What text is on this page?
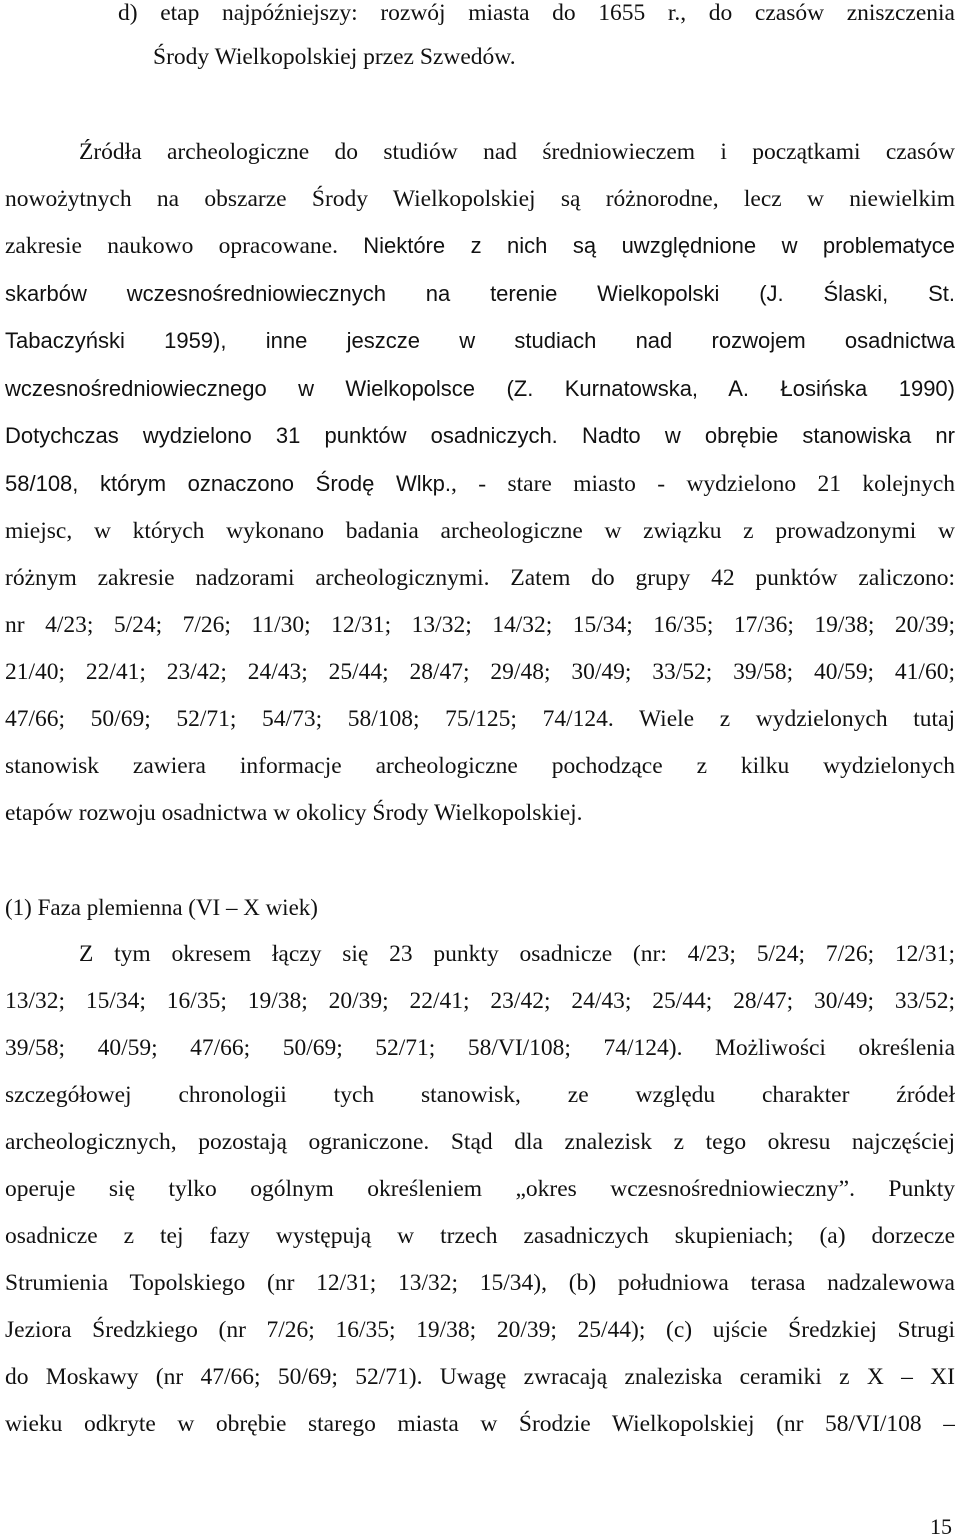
d) etap najpóźniejszy: rozwój miasta do 1655 r., do czasów zniszczenia
Środy Wielkopolskiej przez Szwedów.
Źródła archeologiczne do studiów nad średniowieczem i początkami czasów
nowożytnych na obszarze Środy Wielkopolskiej są różnorodne, lecz w niewielkim
zakresie naukowo opracowane. Niektóre z nich są uwzględnione w problematyce
skarbów wczesnośredniowiecznych na terenie Wielkopolski (J. Ślaski, St.
Tabaczyński 1959), inne jeszcze w studiach nad rozwojem osadnictwa
wczesnośredniowiecznego w Wielkopolsce (Z. Kurnatowska, A. Łosińska 1990)
Dotychczas wydzielono 31 punktów osadniczych. Nadto w obrębie stanowiska nr
58/108, którym oznaczono Środę Wlkp., - stare miasto - wydzielono 21 kolejnych
miejsc, w których wykonano badania archeologiczne w związku z prowadzonymi w
różnym zakresie nadzorami archeologicznymi. Zatem do grupy 42 punktów zaliczono:
nr 4/23; 5/24; 7/26; 11/30; 12/31; 13/32; 14/32; 15/34; 16/35; 17/36; 19/38; 20/39;
21/40; 22/41; 23/42; 24/43; 25/44; 28/47; 29/48; 30/49; 33/52; 39/58; 40/59; 41/60;
47/66; 50/69; 52/71; 54/73; 58/108; 75/125; 74/124. Wiele z wydzielonych tutaj
stanowisk zawiera informacje archeologiczne pochodzące z kilku wydzielonych
etapów rozwoju osadnictwa w okolicy Środy Wielkopolskiej.
(1) Faza plemienna (VI – X wiek)
Z tym okresem łączy się 23 punkty osadnicze (nr: 4/23; 5/24; 7/26; 12/31;
13/32; 15/34; 16/35; 19/38; 20/39; 22/41; 23/42; 24/43; 25/44; 28/47; 30/49; 33/52;
39/58; 40/59; 47/66; 50/69; 52/71; 58/VI/108; 74/124). Możliwości określenia
szczegółowej chronologii tych stanowisk, ze względu charakter źródeł
archeologicznych, pozostają ograniczone. Stąd dla znalezisk z tego okresu najczęściej
operuje się tylko ogólnym określeniem „okres wczesnośredniowieczny”. Punkty
osadnicze z tej fazy występują w trzech zasadniczych skupieniach; (a) dorzecze
Strumienia Topolskiego (nr 12/31; 13/32; 15/34), (b) południowa terasa nadzalewowa
Jeziora Średzkiego (nr 7/26; 16/35; 19/38; 20/39; 25/44); (c) ujście Średzkiej Strugi
do Moskawy (nr 47/66; 50/69; 52/71). Uwagę zwracają znaleziska ceramiki z X – XI
wieku odkryte w obrębie starego miasta w Środzie Wielkopolskiej (nr 58/VI/108 –
15
